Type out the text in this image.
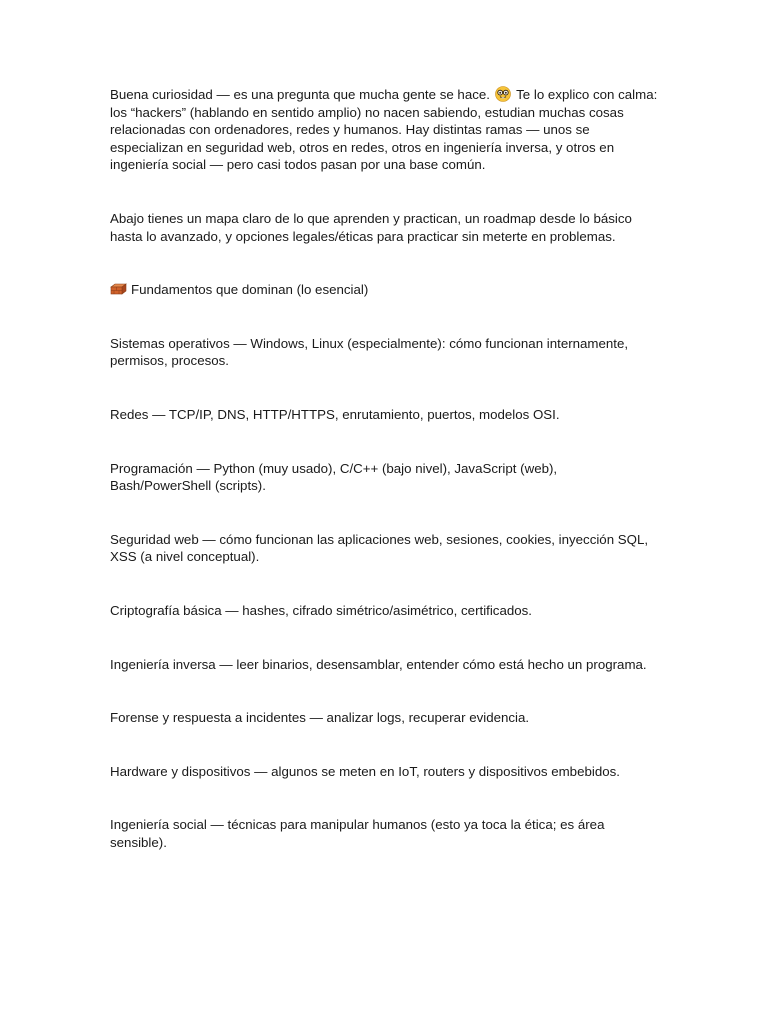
Buena curiosidad — es una pregunta que mucha gente se hace. Te lo explico con calma: los “hackers” (hablando en sentido amplio) no nacen sabiendo, estudian muchas cosas relacionadas con ordenadores, redes y humanos. Hay distintas ramas — unos se especializan en seguridad web, otros en redes, otros en ingeniería inversa, y otros en ingeniería social — pero casi todos pasan por una base común.

Abajo tienes un mapa claro de lo que aprenden y practican, un roadmap desde lo básico hasta lo avanzado, y opciones legales/éticas para practicar sin meterte en problemas.

Fundamentos que dominan (lo esencial)

Sistemas operativos — Windows, Linux (especialmente): cómo funcionan internamente, permisos, procesos.

Redes — TCP/IP, DNS, HTTP/HTTPS, enrutamiento, puertos, modelos OSI.

Programación — Python (muy usado), C/C++ (bajo nivel), JavaScript (web), Bash/PowerShell (scripts).

Seguridad web — cómo funcionan las aplicaciones web, sesiones, cookies, inyección SQL, XSS (a nivel conceptual).

Criptografía básica — hashes, cifrado simétrico/asimétrico, certificados.

Ingeniería inversa — leer binarios, desensamblar, entender cómo está hecho un programa.

Forense y respuesta a incidentes — analizar logs, recuperar evidencia.

Hardware y dispositivos — algunos se meten en IoT, routers y dispositivos embebidos.

Ingeniería social — técnicas para manipular humanos (esto ya toca la ética; es área sensible).
